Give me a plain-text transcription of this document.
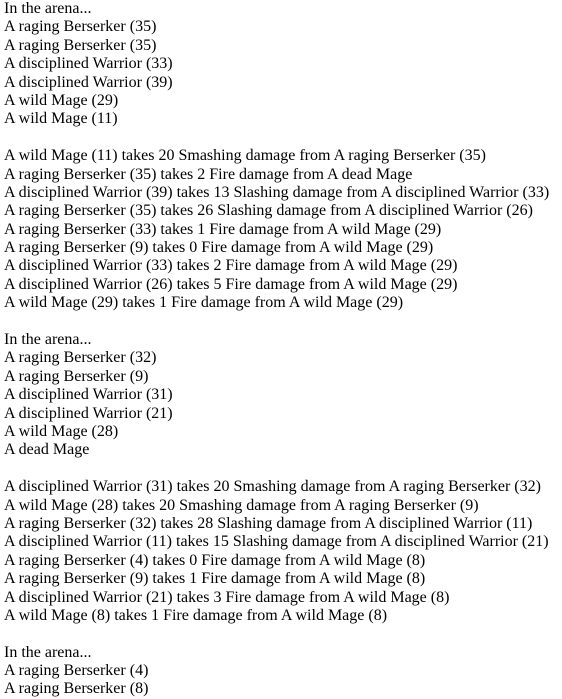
In the arena...
A raging Berserker (35)
A raging Berserker (35)
A disciplined Warrior (33)
A disciplined Warrior (39)
A wild Mage (29)
A wild Mage (11)
A wild Mage (11) takes 20 Smashing damage from A raging Berserker (35)
A raging Berserker (35) takes 2 Fire damage from A dead Mage
A disciplined Warrior (39) takes 13 Slashing damage from A disciplined Warrior (33)
A raging Berserker (35) takes 26 Slashing damage from A disciplined Warrior (26)
A raging Berserker (33) takes 1 Fire damage from A wild Mage (29)
A raging Berserker (9) takes 0 Fire damage from A wild Mage (29)
A disciplined Warrior (33) takes 2 Fire damage from A wild Mage (29)
A disciplined Warrior (26) takes 5 Fire damage from A wild Mage (29)
A wild Mage (29) takes 1 Fire damage from A wild Mage (29)
In the arena...
A raging Berserker (32)
A raging Berserker (9)
A disciplined Warrior (31)
A disciplined Warrior (21)
A wild Mage (28)
A dead Mage
A disciplined Warrior (31) takes 20 Smashing damage from A raging Berserker (32)
A wild Mage (28) takes 20 Smashing damage from A raging Berserker (9)
A raging Berserker (32) takes 28 Slashing damage from A disciplined Warrior (11)
A disciplined Warrior (11) takes 15 Slashing damage from A disciplined Warrior (21)
A raging Berserker (4) takes 0 Fire damage from A wild Mage (8)
A raging Berserker (9) takes 1 Fire damage from A wild Mage (8)
A disciplined Warrior (21) takes 3 Fire damage from A wild Mage (8)
A wild Mage (8) takes 1 Fire damage from A wild Mage (8)
In the arena...
A raging Berserker (4)
A raging Berserker (8)
